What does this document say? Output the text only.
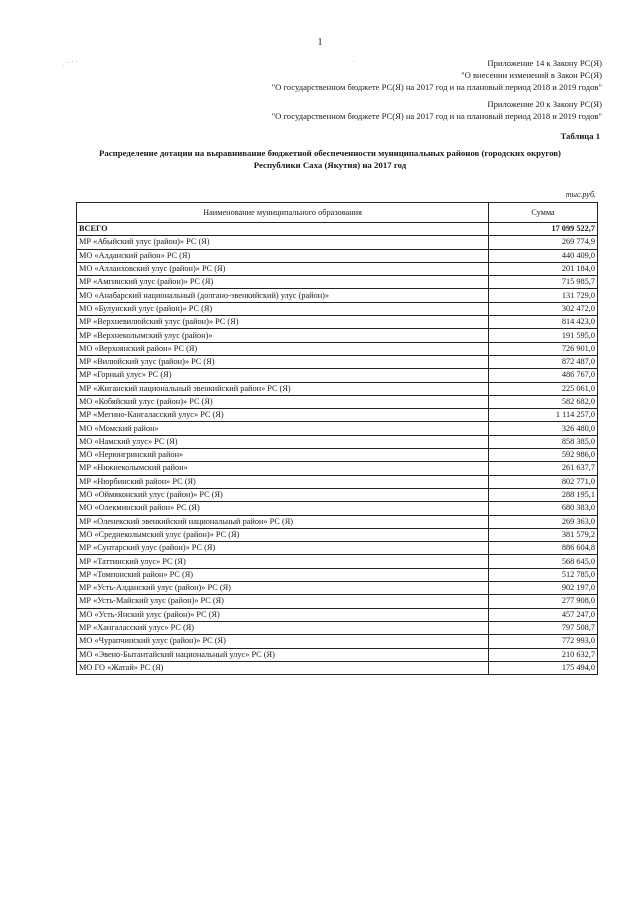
1
. ⁻ ˈ ˈ	ˈ	Приложение 14 к Закону РС(Я)
"О внесении изменений в Закон РС(Я)
"О государственном бюджете РС(Я) на 2017 год и на плановый период 2018 и 2019 годов"
Приложение 20 к Закону РС(Я)
"О государственном бюджете РС(Я) на 2017 год и на плановый период 2018 и 2019 годов"
Таблица 1
Распределение дотации на выравнивание бюджетной обеспеченности муниципальных районов (городских округов)
Республики Саха (Якутия) на 2017 год
тыс.руб.
Наименование муниципального образования	Сумма
ВСЕГО	17 099 522,7
МР «Абыйский улус (район)» РС (Я)	269 774,9
МО «Алданский район» РС (Я)	440 409,0
МО «Аллаиховский улус (район)» РС (Я)	201 184,0
МР «Амгинский улус (район)» РС (Я)	715 985,7
МО «Анабарский национальный (долгано-эвенкийский) улус (район)»	131 729,0
МО «Булунский улус (район)» РС (Я)	302 472,0
МР «Верхневилюйский улус (район)» РС (Я)	814 423,0
МР «Верхнеколымский улус (район)»	191 595,0
МО «Верхоянский район» РС (Я)	726 901,0
МР «Вилюйский улус (район)» РС (Я)	872 487,0
МР «Горный улус» РС (Я)	486 767,0
МР «Жиганский национальный эвенкийский район» РС (Я)	225 061,0
МО «Кобяйский улус (район)» РС (Я)	582 682,0
МР «Мегино-Кангаласский улус» РС (Я)	1 114 257,0
МО «Момский район»	326 480,0
МО «Намский улус» РС (Я)	858 385,0
МО «Нерюнгринский район»	592 986,0
МР «Нижнеколымский район»	261 637,7
МР «Нюрбинский район» РС (Я)	802 771,0
МО «Оймяконский улус (район)» РС (Я)	288 195,1
МО «Олекминский район» РС (Я)	680 383,0
МР «Оленекский эвенкийский национальный район» РС (Я)	269 363,0
МО «Среднеколымский улус (район)» РС (Я)	381 579,2
МР «Сунтарский улус (район)» РС (Я)	886 604,8
МР «Таттинский улус» РС (Я)	568 645,0
МР «Томпонский район» РС (Я)	512 785,0
МР «Усть-Алданский улус (район)» РС (Я)	902 197,0
МР «Усть-Майский улус (район)» РС (Я)	277 908,0
МО «Усть-Янский улус (район)» РС (Я)	457 247,0
МР «Хангаласский улус» РС (Я)	797 508,7
МО «Чурапчинский улус (район)» РС (Я)	772 993,0
МО «Эвено-Бытантайский национальный улус» РС (Я)	210 632,7
МО ГО «Жатай» РС (Я)	175 494,0
